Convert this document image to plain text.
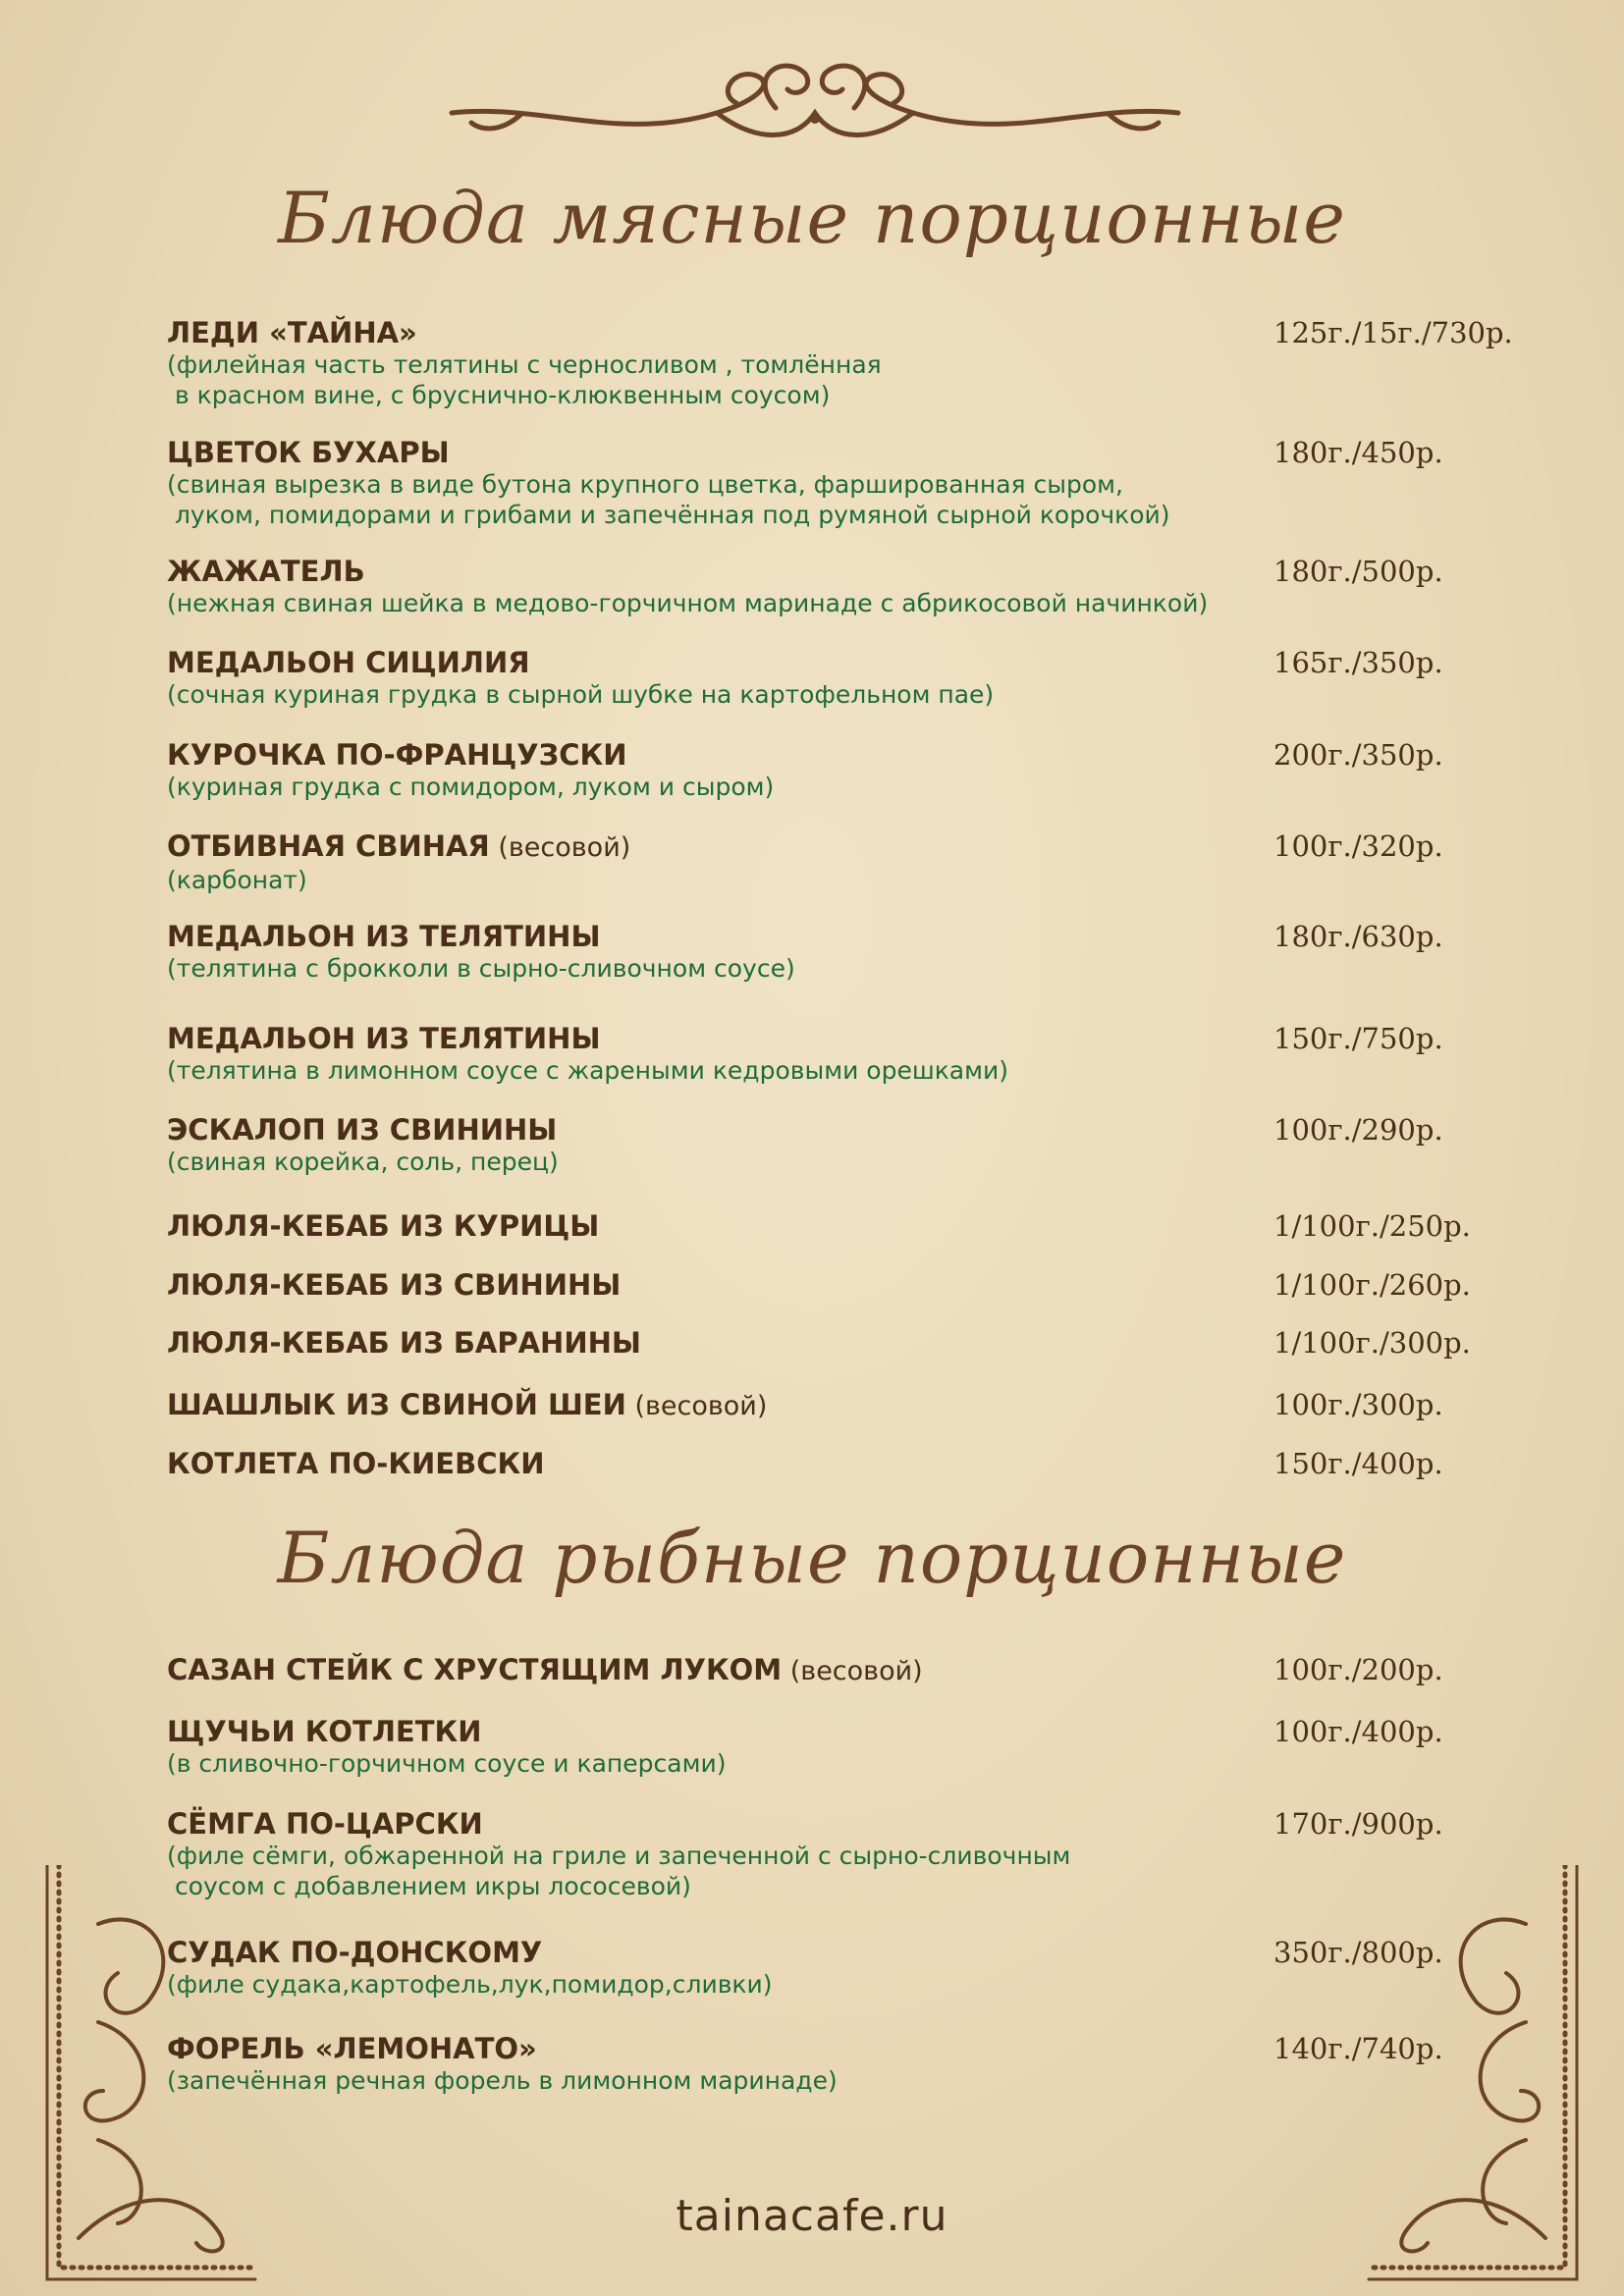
Блюда мясные порционные
ЛЕДИ «ТАЙНА»	125г./15г./730р.
(филейная часть телятины с черносливом , томлённая
в красном вине, с бруснично-клюквенным соусом)
ЦВЕТОК БУХАРЫ	180г./450р.
(свиная вырезка в виде бутона крупного цветка, фаршированная сыром,
луком, помидорами и грибами и запечённая под румяной сырной корочкой)
ЖАЖАТЕЛЬ	180г./500р.
(нежная свиная шейка в медово-горчичном маринаде с абрикосовой начинкой)
МЕДАЛЬОН СИЦИЛИЯ	165г./350р.
(сочная куриная грудка в сырной шубке на картофельном пае)
КУРОЧКА ПО-ФРАНЦУЗСКИ	200г./350р.
(куриная грудка с помидором, луком и сыром)
ОТБИВНАЯ СВИНАЯ (весовой)	100г./320р.
(карбонат)
МЕДАЛЬОН ИЗ ТЕЛЯТИНЫ	180г./630р.
(телятина с брокколи в сырно-сливочном соусе)
МЕДАЛЬОН ИЗ ТЕЛЯТИНЫ	150г./750р.
(телятина в лимонном соусе с жареными кедровыми орешками)
ЭСКАЛОП ИЗ СВИНИНЫ	100г./290р.
(свиная корейка, соль, перец)
ЛЮЛЯ-КЕБАБ ИЗ КУРИЦЫ	1/100г./250р.
ЛЮЛЯ-КЕБАБ ИЗ СВИНИНЫ	1/100г./260р.
ЛЮЛЯ-КЕБАБ ИЗ БАРАНИНЫ	1/100г./300р.
ШАШЛЫК ИЗ СВИНОЙ ШЕИ (весовой)	100г./300р.
КОТЛЕТА ПО-КИЕВСКИ	150г./400р.
Блюда рыбные порционные
САЗАН СТЕЙК С ХРУСТЯЩИМ ЛУКОМ (весовой)	100г./200р.
ЩУЧЬИ КОТЛЕТКИ	100г./400р.
(в сливочно-горчичном соусе и каперсами)
СЁМГА ПО-ЦАРСКИ	170г./900р.
(филе сёмги, обжаренной на гриле и запеченной с сырно-сливочным
соусом с добавлением икры лососевой)
СУДАК ПО-ДОНСКОМУ	350г./800р.
(филе судака,картофель,лук,помидор,сливки)
ФОРЕЛЬ «ЛЕМОНАТО»	140г./740р.
(запечённая речная форель в лимонном маринаде)
tainacafe.ru
